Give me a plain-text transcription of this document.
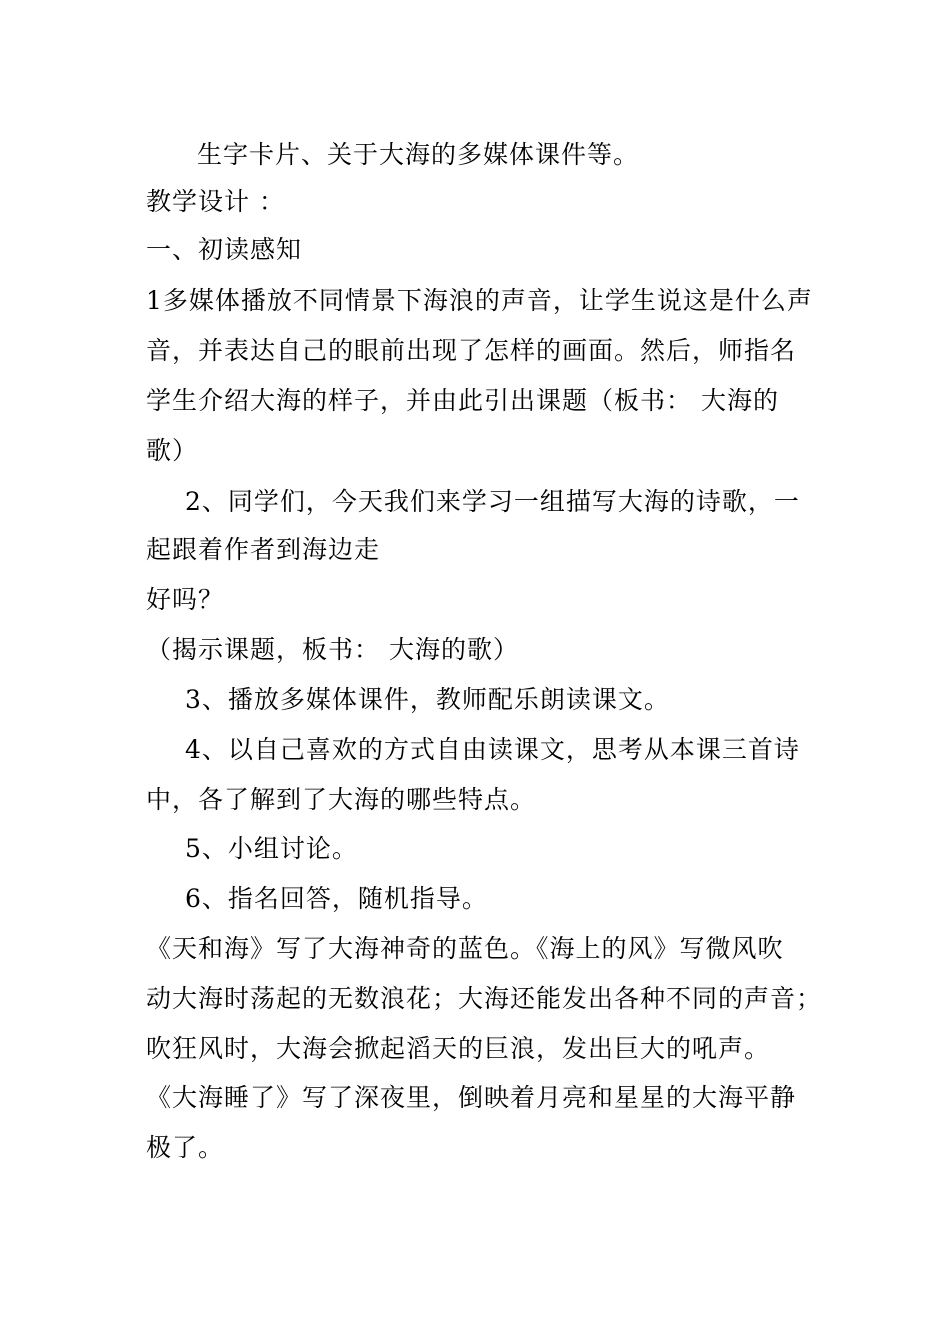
生字卡片、关于大海的多媒体课件等。
教学设计 ：
一、初读感知
1多媒体播放不同情景下海浪的声音，让学生说这是什么声
音，并表达自己的眼前出现了怎样的画面。然后，师指名
学生介绍大海的样子，并由此引出课题（板书： 大海的
歌）
2、同学们，今天我们来学习一组描写大海的诗歌，一
起跟着作者到海边走
好吗？
（揭示课题，板书： 大海的歌）
3、播放多媒体课件，教师配乐朗读课文。
4、以自己喜欢的方式自由读课文，思考从本课三首诗
中，各了解到了大海的哪些特点。
5、小组讨论。
6、指名回答，随机指导。
《天和海》写了大海神奇的蓝色。《海上的风》写微风吹
动大海时荡起的无数浪花；大海还能发出各种不同的声音；
吹狂风时，大海会掀起滔天的巨浪，发出巨大的吼声。
《大海睡了》写了深夜里，倒映着月亮和星星的大海平静
极了。
